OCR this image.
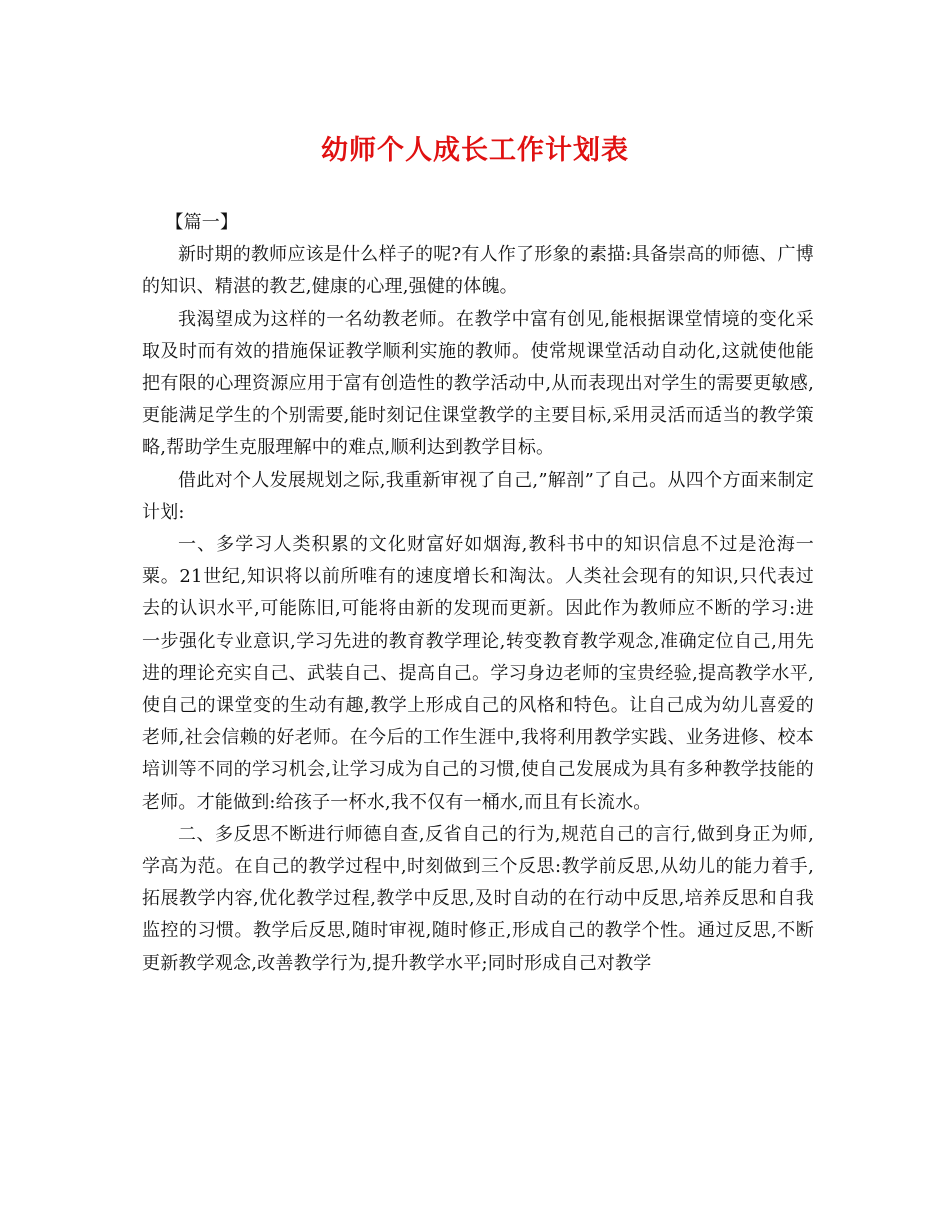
幼师个人成长工作计划表

【篇一】

新时期的教师应该是什么样子的呢?有人作了形象的素描:具备崇高的师德、广博的知识、精湛的教艺,健康的心理,强健的体魄。

我渴望成为这样的一名幼教老师。在教学中富有创见,能根据课堂情境的变化采取及时而有效的措施保证教学顺利实施的教师。使常规课堂活动自动化,这就使他能把有限的心理资源应用于富有创造性的教学活动中,从而表现出对学生的需要更敏感,更能满足学生的个别需要,能时刻记住课堂教学的主要目标,采用灵活而适当的教学策略,帮助学生克服理解中的难点,顺利达到教学目标。

借此对个人发展规划之际,我重新审视了自己,”解剖”了自己。从四个方面来制定计划:

一、多学习人类积累的文化财富好如烟海,教科书中的知识信息不过是沧海一粟。21世纪,知识将以前所唯有的速度增长和淘汰。人类社会现有的知识,只代表过去的认识水平,可能陈旧,可能将由新的发现而更新。因此作为教师应不断的学习:进一步强化专业意识,学习先进的教育教学理论,转变教育教学观念,准确定位自己,用先进的理论充实自己、武装自己、提高自己。学习身边老师的宝贵经验,提高教学水平,使自己的课堂变的生动有趣,教学上形成自己的风格和特色。让自己成为幼儿喜爱的老师,社会信赖的好老师。在今后的工作生涯中,我将利用教学实践、业务进修、校本培训等不同的学习机会,让学习成为自己的习惯,使自己发展成为具有多种教学技能的老师。才能做到:给孩子一杯水,我不仅有一桶水,而且有长流水。

二、多反思不断进行师德自查,反省自己的行为,规范自己的言行,做到身正为师,学高为范。在自己的教学过程中,时刻做到三个反思:教学前反思,从幼儿的能力着手,拓展教学内容,优化教学过程,教学中反思,及时自动的在行动中反思,培养反思和自我监控的习惯。教学后反思,随时审视,随时修正,形成自己的教学个性。通过反思,不断更新教学观念,改善教学行为,提升教学水平;同时形成自己对教学
